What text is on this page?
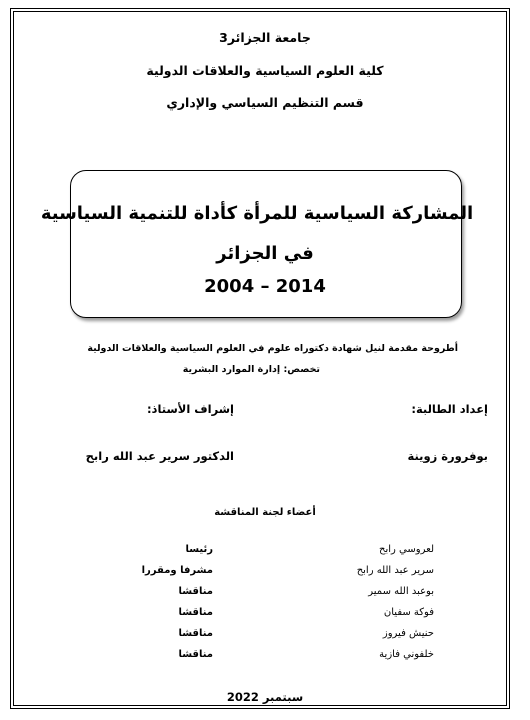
جامعة الجزائر3
كلية العلوم السياسية والعلاقات الدولية
قسم التنظيم السياسي والإداري
المشاركة السياسية للمرأة كأداة للتنمية السياسية
في الجزائر
2004 – 2014
أطروحة مقدمة لنيل شهادة دكتوراه علوم في العلوم السياسية والعلاقات الدولية
تخصص: إدارة الموارد البشرية
إعداد الطالبة:
إشراف الأستاذ:
بوفرورة زوينة
الدكتور سرير عبد الله رابح
أعضاء لجنة المناقشة
لعروسي رابح
رئيسا
سرير عبد الله رابح
مشرفا ومقررا
بوعبد الله سمير
مناقشا
فوكة سفيان
مناقشا
حنيش فيروز
مناقشا
خلفوني فازية
مناقشا
سبتمبر 2022
